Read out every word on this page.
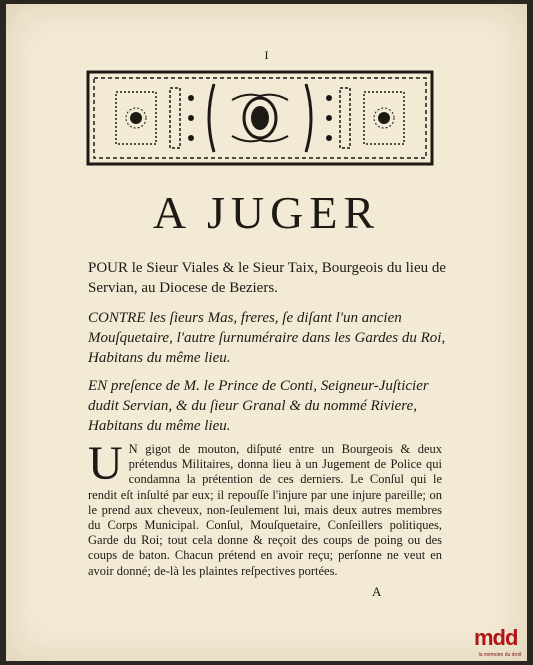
I
A JUGER

POUR le Sieur Viales & le Sieur Taix, Bourgeois du lieu de Servian, au Diocese de Beziers.

CONTRE les ſieurs Mas, freres, ſe diſant l'un ancien Mouſquetaire, l'autre ſurnuméraire dans les Gardes du Roi, Habitans du même lieu.

EN preſence de M. le Prince de Conti, Seigneur-Juſticier dudit Servian, & du ſieur Granal & du nommé Riviere, Habitans du même lieu.

U N gigot de mouton, diſputé entre un Bourgeois & deux prétendus Militaires, donna lieu à un Jugement de Police qui condamna la prétention de ces derniers. Le Conſul qui le rendit eſt inſulté par eux; il repouſſe l'injure par une injure pareille; on le prend aux cheveux, non-ſeulement lui, mais deux autres membres du Corps Municipal. Conſul, Mouſquetaire, Conſeillers politiques, Garde du Roi; tout cela donne & reçoit des coups de poing ou des coups de baton. Chacun prétend en avoir reçu; perſonne ne veut en avoir donné; de-là les plaintes reſpectives portées.

A
mdd
la mémoire du droit
